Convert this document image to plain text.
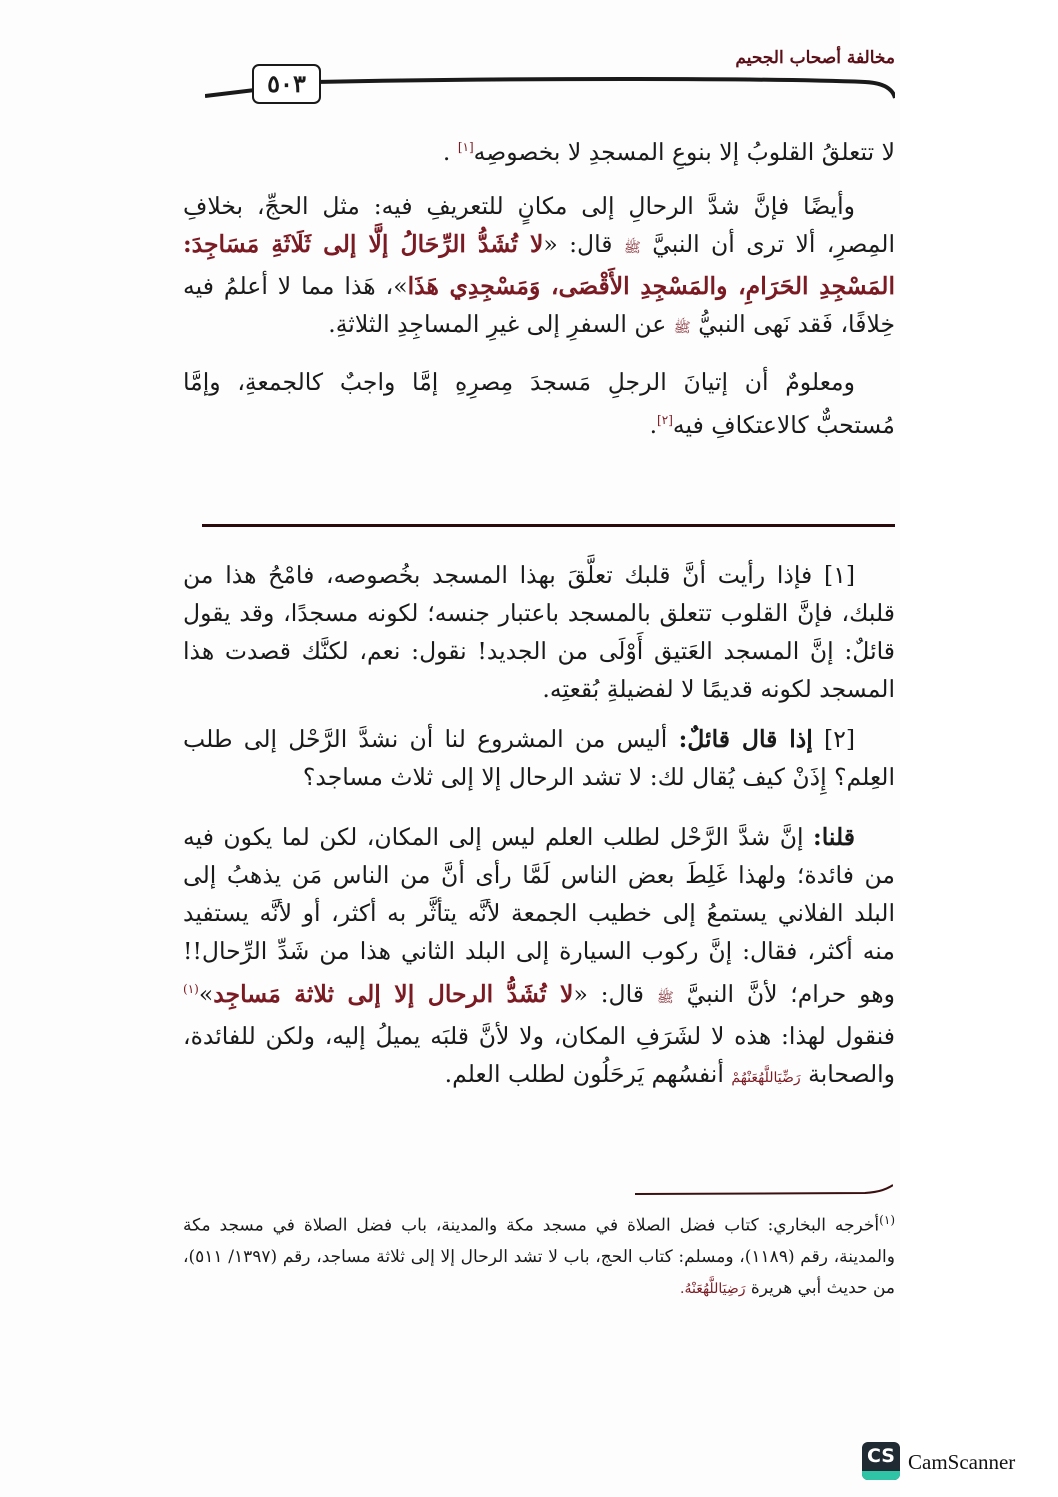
مخالفة أصحاب الجحيم
٥٠٣

لا تتعلقُ القلوبُ إلا بنوعِ المسجدِ لا بخصوصِه[١] .

وأيضًا فإنَّ شدَّ الرحالِ إلى مكانٍ للتعريفِ فيه: مثل الحجِّ، بخلافِ المِصرِ، ألا ترى أن النبيَّ ﷺ قال: «لا تُشَدُّ الرِّحَالُ إلَّا إلى ثَلَاثَةِ مَسَاجِدَ: المَسْجِدِ الحَرَامِ، والمَسْجِدِ الأَقْصَى، وَمَسْجِدِي هَذَا»، هَذا مما لا أعلمُ فيه خِلافًا، فَقد نَهى النبيُّ ﷺ عن السفرِ إلى غيرِ المساجِدِ الثلاثةِ.

ومعلومٌ أن إتيانَ الرجلِ مَسجدَ مِصرِهِ إمَّا واجبٌ كالجمعةِ، وإمَّا مُستحبٌّ كالاعتكافِ فيه[٢].

[١] فإذا رأيت أنَّ قلبك تعلَّقَ بهذا المسجد بخُصوصه، فامْحُ هذا من قلبك، فإنَّ القلوب تتعلق بالمسجد باعتبار جنسه؛ لكونه مسجدًا، وقد يقول قائلٌ: إنَّ المسجد العَتيق أَوْلَى من الجديد! نقول: نعم، لكنَّك قصدت هذا المسجد لكونه قديمًا لا لفضيلةِ بُقعتِه.

[٢] إذا قال قائلٌ: أليس من المشروع لنا أن نشدَّ الرَّحْل إلى طلب العِلم؟ إِذَنْ كيف يُقال لك: لا تشد الرحال إلا إلى ثلاث مساجد؟

قلنا: إنَّ شدَّ الرَّحْل لطلب العلم ليس إلى المكان، لكن لما يكون فيه من فائدة؛ ولهذا غَلِطَ بعض الناس لَمَّا رأى أنَّ من الناس مَن يذهبُ إلى البلد الفلاني يستمعُ إلى خطيب الجمعة لأنَّه يتأثَّر به أكثر، أو لأنَّه يستفيد منه أكثر، فقال: إنَّ ركوب السيارة إلى البلد الثاني هذا من شَدِّ الرِّحال!! وهو حرام؛ لأنَّ النبيَّ ﷺ قال: «لا تُشَدُّ الرحال إلا إلى ثلاثة مَساجِد»$^{(١)}$ فنقول لهذا: هذه لا لشَرَفِ المكان، ولا لأنَّ قلبَه يميلُ إليه، ولكن للفائدة، والصحابة رَضِّيَاللَّهُعَنْهُمْ أنفسُهم يَرحَلُون لطلب العلم.

$^{(١)}$أخرجه البخاري: كتاب فضل الصلاة في مسجد مكة والمدينة، باب فضل الصلاة في مسجد مكة والمدينة، رقم (١١٨٩)، ومسلم: كتاب الحج، باب لا تشد الرحال إلا إلى ثلاثة مساجد، رقم (١٣٩٧/ ٥١١)، من حديث أبي هريرة رَضِيَاللَّهُعَنْهُ.

CS CamScanner
